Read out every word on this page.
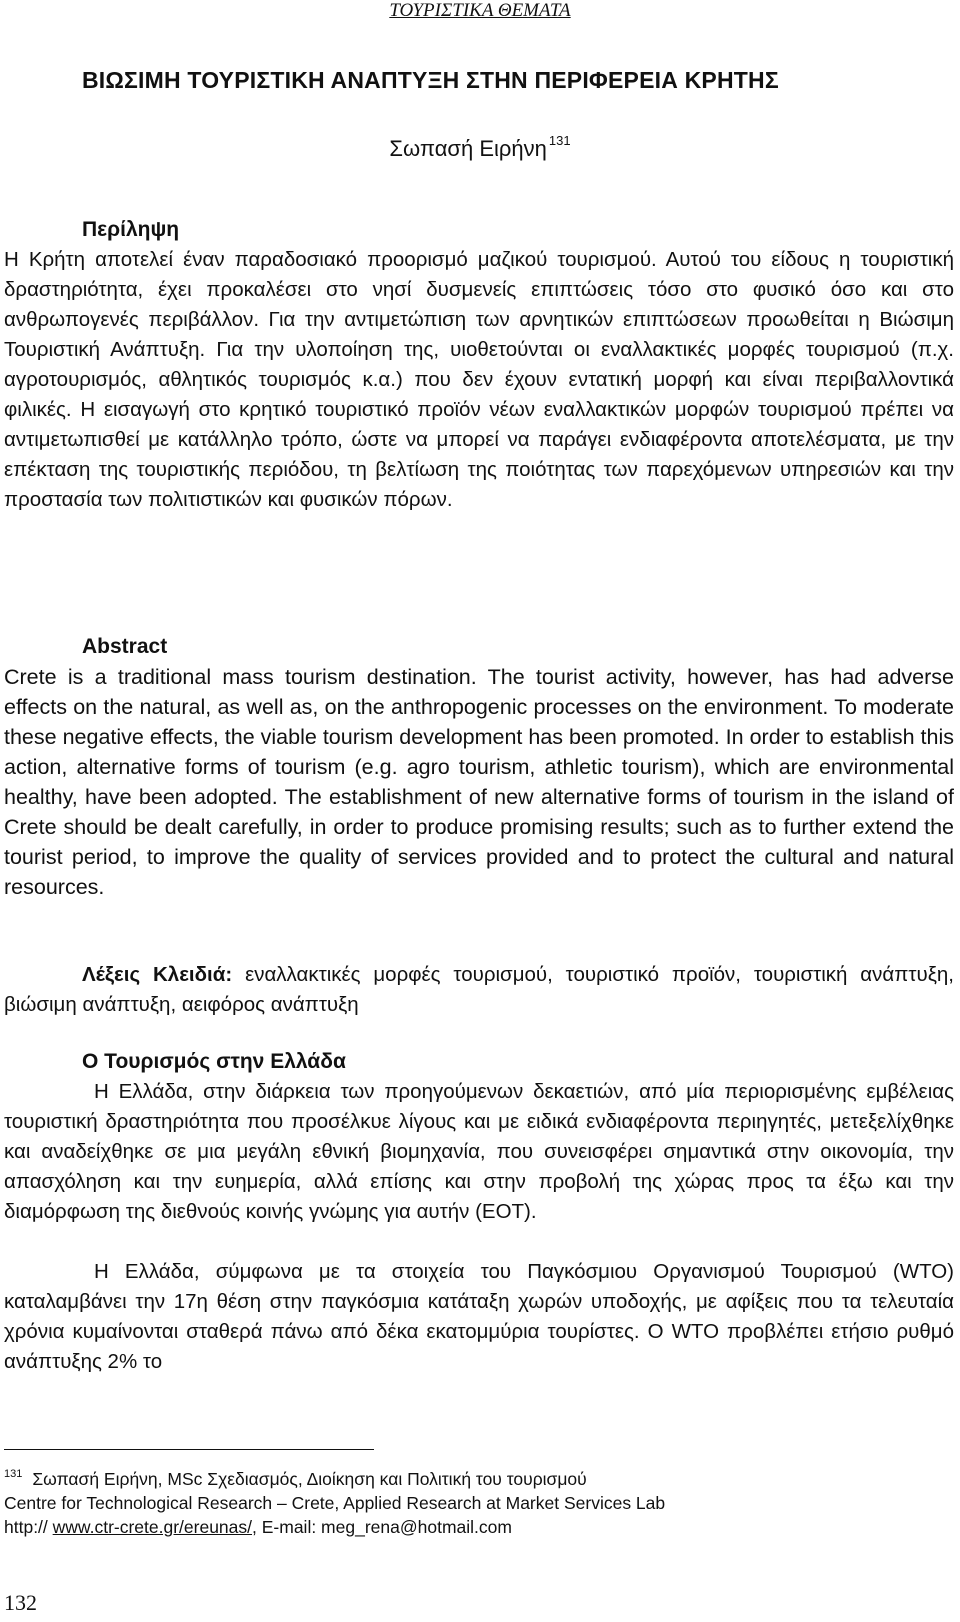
ΤΟΥΡΙΣΤΙΚΑ ΘΕΜΑΤΑ
ΒΙΩΣΙΜΗ ΤΟΥΡΙΣΤΙΚΗ ΑΝΑΠΤΥΞΗ ΣΤΗΝ ΠΕΡΙΦΕΡΕΙΑ ΚΡΗΤΗΣ
Σωπασή Ειρήνη $^{131}$
Περίληψη

Η Κρήτη αποτελεί έναν παραδοσιακό προορισμό μαζικού τουρισμού. Αυτού του είδους η τουριστική δραστηριότητα, έχει προκαλέσει στο νησί δυσμενείς επιπτώσεις τόσο στο φυσικό όσο και στο ανθρωπογενές περιβάλλον. Για την αντιμετώπιση των αρνητικών επιπτώσεων προωθείται η Βιώσιμη Τουριστική Ανάπτυξη. Για την υλοποίηση της, υιοθετούνται οι εναλλακτικές μορφές τουρισμού (π.χ. αγροτουρισμός, αθλητικός τουρισμός κ.α.) που δεν έχουν εντατική μορφή και είναι περιβαλλοντικά φιλικές. Η εισαγωγή στο κρητικό τουριστικό προϊόν νέων εναλλακτικών μορφών τουρισμού πρέπει να αντιμετωπισθεί με κατάλληλο τρόπο, ώστε να μπορεί να παράγει ενδιαφέροντα αποτελέσματα, με την επέκταση της τουριστικής περιόδου, τη βελτίωση της ποιότητας των παρεχόμενων υπηρεσιών και την προστασία των πολιτιστικών και φυσικών πόρων.

Abstract

Crete is a traditional mass tourism destination. The tourist activity, however, has had adverse effects on the natural, as well as, on the anthropogenic processes on the environment. To moderate these negative effects, the viable tourism development has been promoted. In order to establish this action, alternative forms of tourism (e.g. agro tourism, athletic tourism), which are environmental healthy, have been adopted. The establishment of new alternative forms of tourism in the island of Crete should be dealt carefully, in order to produce promising results; such as to further extend the tourist period, to improve the quality of services provided and to protect the cultural and natural resources.

Λέξεις Κλειδιά: εναλλακτικές μορφές τουρισμού, τουριστικό προϊόν, τουριστική ανάπτυξη, βιώσιμη ανάπτυξη, αειφόρος ανάπτυξη

Ο Τουρισμός στην Ελλάδα

Η Ελλάδα, στην διάρκεια των προηγούμενων δεκαετιών, από μία περιορισμένης εμβέλειας τουριστική δραστηριότητα που προσέλκυε λίγους και με ειδικά ενδιαφέροντα περιηγητές, μετεξελίχθηκε και αναδείχθηκε σε μια μεγάλη εθνική βιομηχανία, που συνεισφέρει σημαντικά στην οικονομία, την απασχόληση και την ευημερία, αλλά επίσης και στην προβολή της χώρας προς τα έξω και την διαμόρφωση της διεθνούς κοινής γνώμης για αυτήν (ΕΟΤ).

Η Ελλάδα, σύμφωνα με τα στοιχεία του Παγκόσμιου Οργανισμού Τουρισμού (WTO) καταλαμβάνει την 17η θέση στην παγκόσμια κατάταξη χωρών υποδοχής, με αφίξεις που τα τελευταία χρόνια κυμαίνονται σταθερά πάνω από δέκα εκατομμύρια τουρίστες. Ο WTO προβλέπει ετήσιο ρυθμό ανάπτυξης 2% το

$^{131}$ Σωπασή Ειρήνη, MSc Σχεδιασμός, Διοίκηση και Πολιτική του τουρισμού
Centre for Technological Research – Crete, Applied Research at Market Services Lab
http:// www.ctr-crete.gr/ereunas/, E-mail: meg_rena@hotmail.com
132
